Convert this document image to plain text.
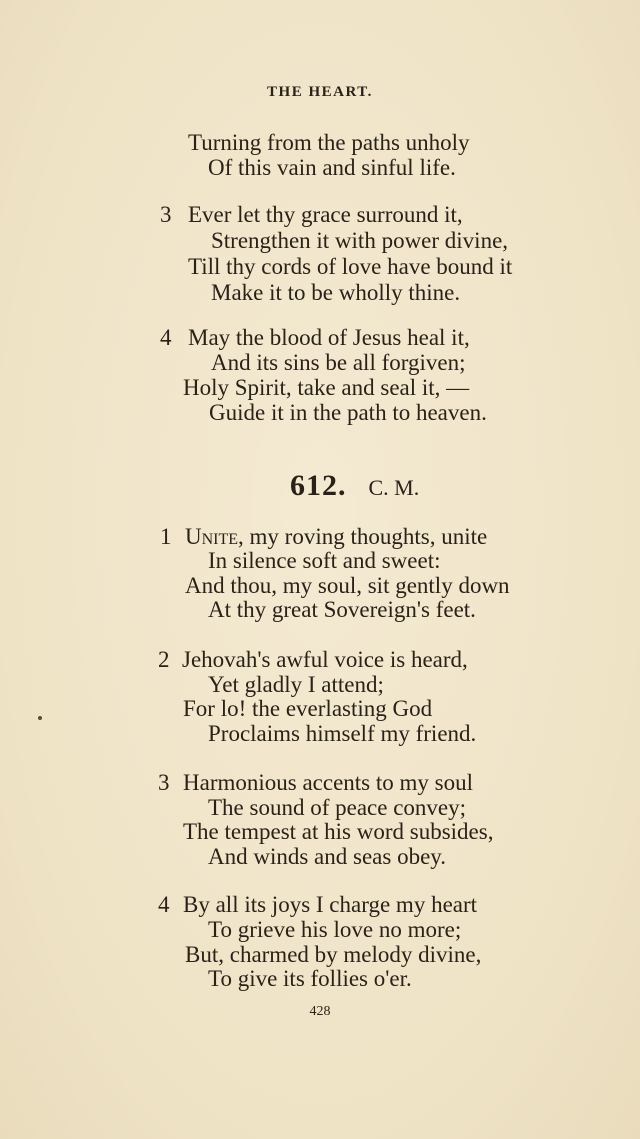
THE HEART.
Turning from the paths unholy
Of this vain and sinful life.
3 Ever let thy grace surround it,
Strengthen it with power divine,
Till thy cords of love have bound it
Make it to be wholly thine.
4 May the blood of Jesus heal it,
And its sins be all forgiven;
Holy Spirit, take and seal it, —
Guide it in the path to heaven.
612. C. M.
1 Unite, my roving thoughts, unite
In silence soft and sweet:
And thou, my soul, sit gently down
At thy great Sovereign's feet.
2 Jehovah's awful voice is heard,
Yet gladly I attend;
For lo! the everlasting God
Proclaims himself my friend.
3 Harmonious accents to my soul
The sound of peace convey;
The tempest at his word subsides,
And winds and seas obey.
4 By all its joys I charge my heart
To grieve his love no more;
But, charmed by melody divine,
To give its follies o'er.
428
